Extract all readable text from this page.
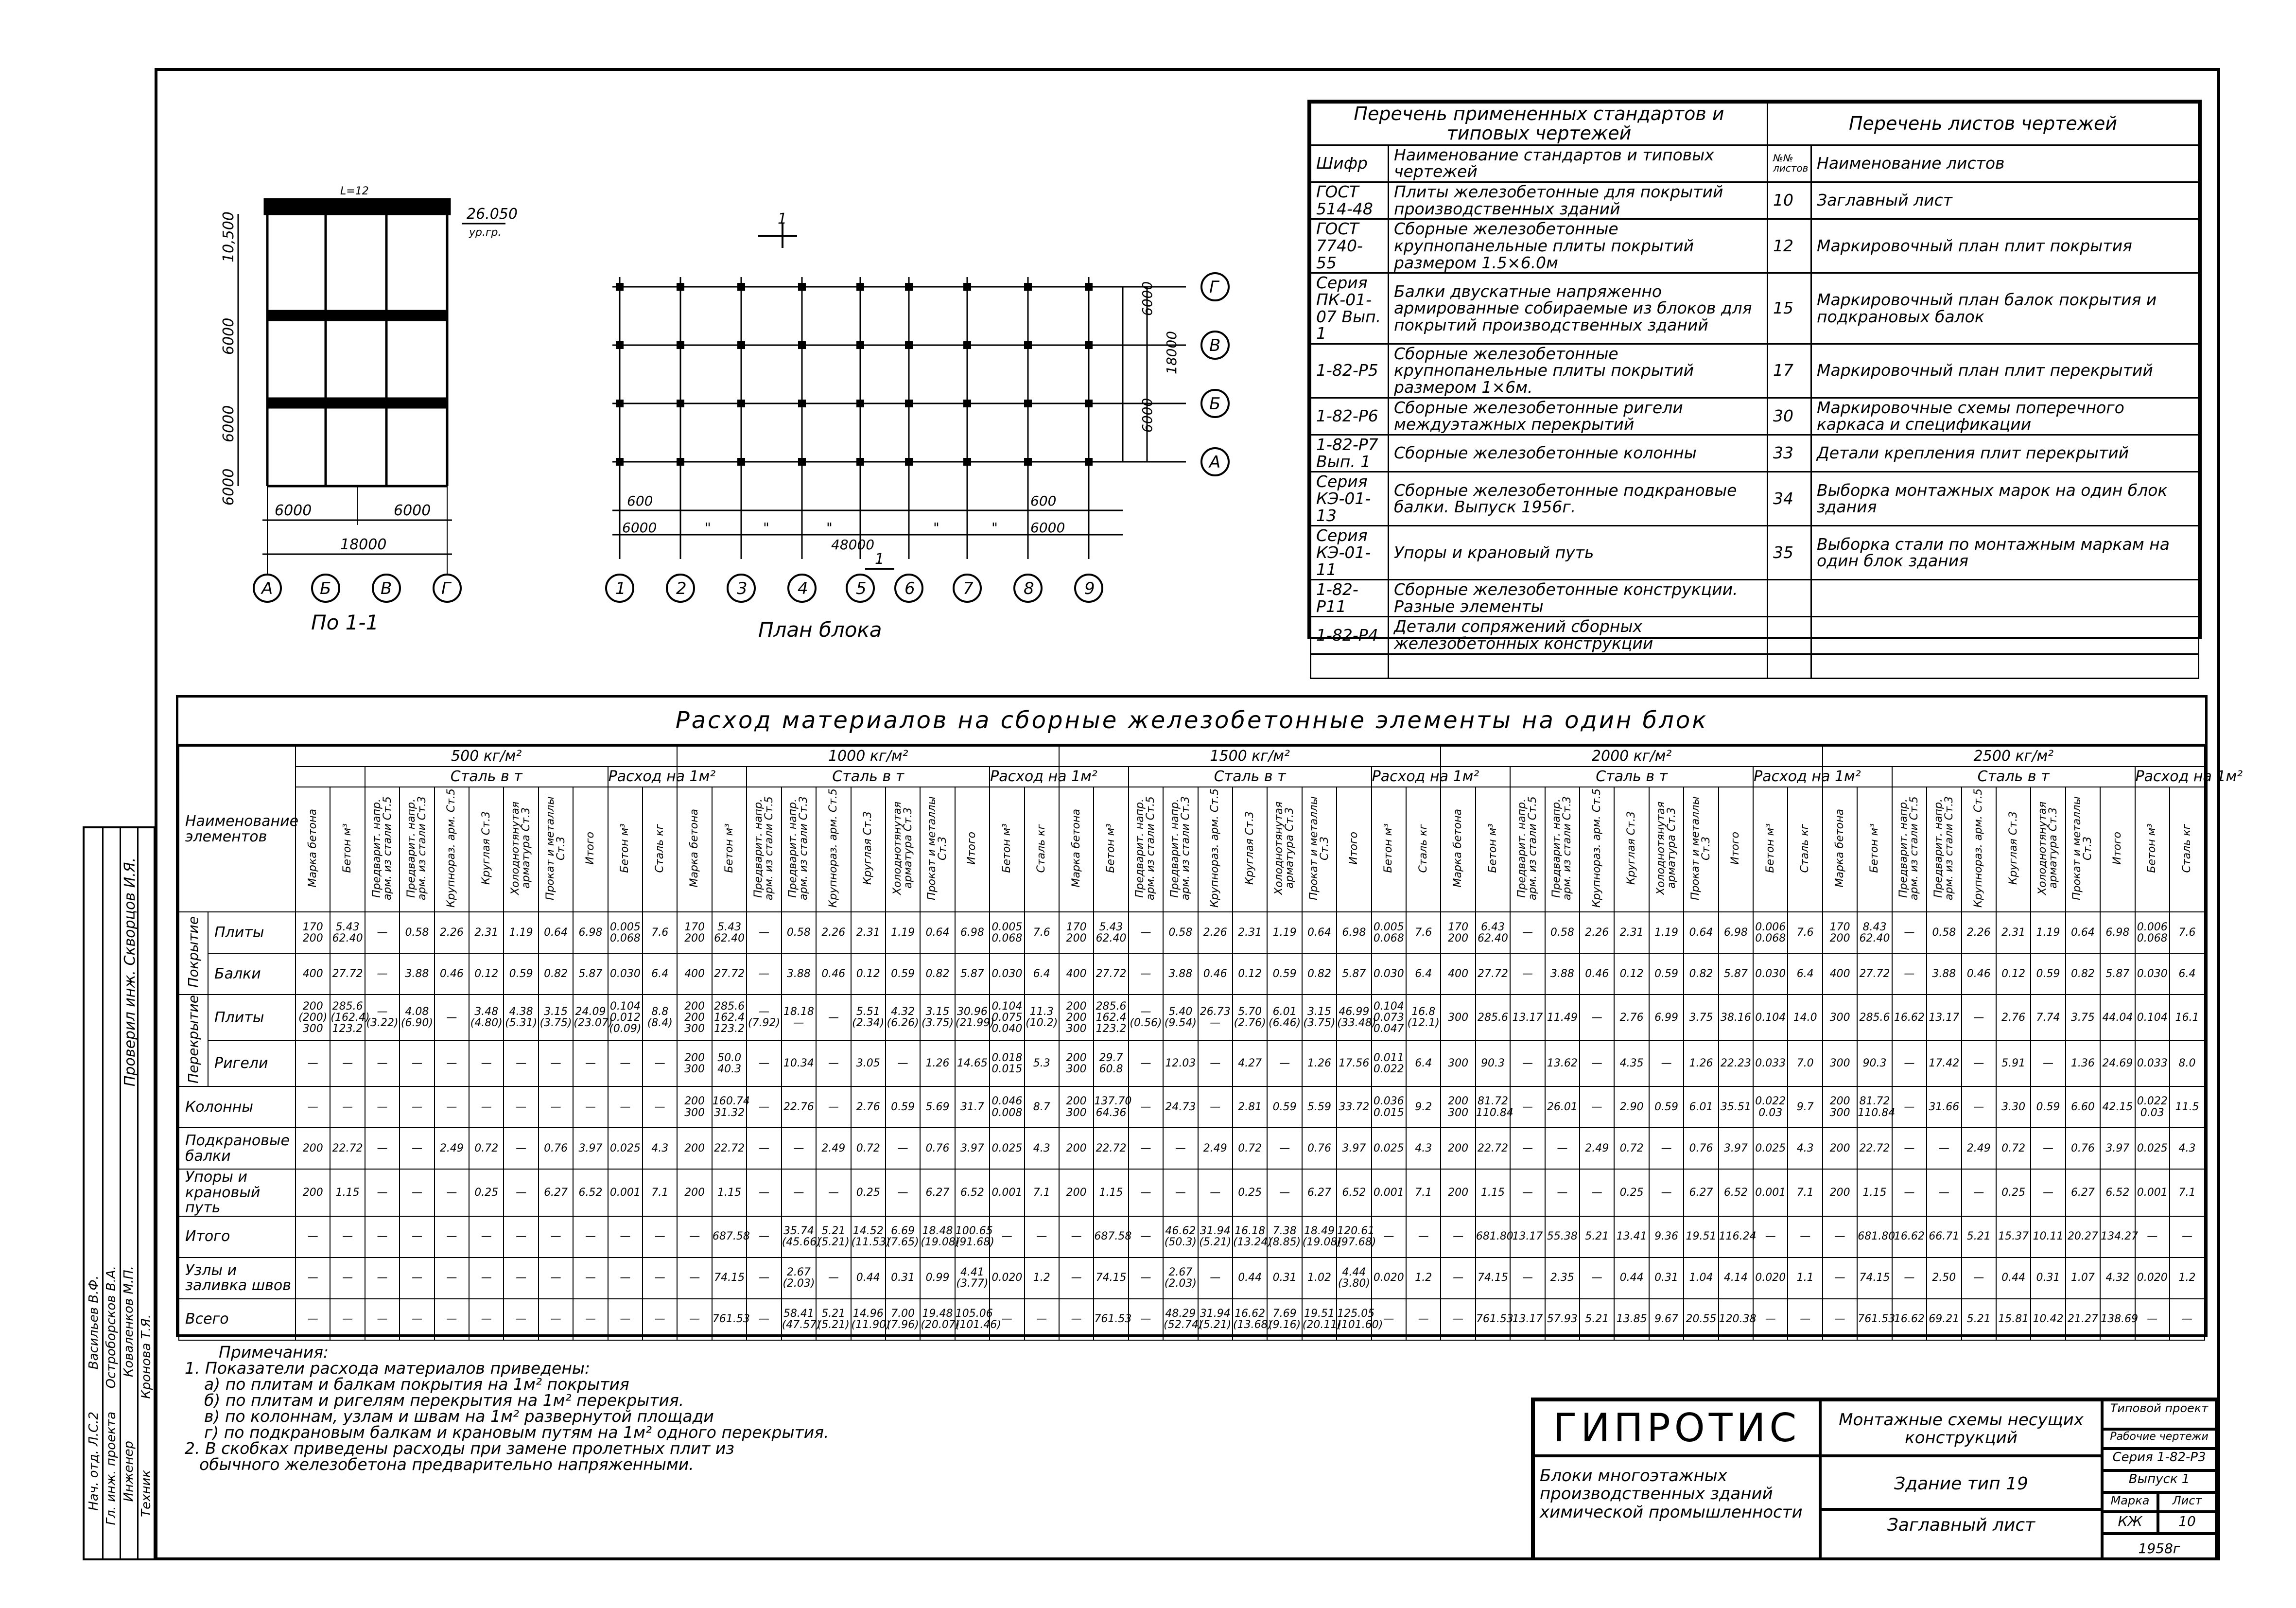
L=12
26.050
ур.гр.
10,500
6000
6000
6000
6000	6000
18000
А	Б	В	Г
По 1-1
1
1
6000
6000
18000
600
6000	"	"	"	"	"
600
6000
48000
Г
В
Б
А
1	2	3	4	5 6	7	8	9
План блока
Перечень примененных стандартов и типовых чертежей		Перечень листов чертежей	
Шифр	Наименование стандартов и типовых чертежей	№№ листов	Наименование листов
ГОСТ 514-48	Плиты железобетонные для покрытий производственных зданий	10	Заглавный лист
ГОСТ 7740-55	Сборные железобетонные крупнопанельные плиты покрытий размером 1.5×6.0м	12	Маркировочный план плит покрытия
Серия ПК-01-07 Вып. 1	Балки двускатные напряженно армированные собираемые из блоков для покрытий производственных зданий	15	Маркировочный план балок покрытия и подкрановых балок
1-82-Р5	Сборные железобетонные крупнопанельные плиты покрытий размером 1×6м.	17	Маркировочный план плит перекрытий
1-82-Р6	Сборные железобетонные ригели междуэтажных перекрытий	30	Маркировочные схемы поперечного каркаса и спецификации
1-82-Р7 Вып. 1	Сборные железобетонные колонны	33	Детали крепления плит перекрытий
Серия КЭ-01-13	Сборные железобетонные подкрановые балки. Выпуск 1956г.	34	Выборка монтажных марок на один блок здания
Серия КЭ-01-11	Упоры и крановый путь	35	Выборка стали по монтажным маркам на один блок здания
1-82-Р11	Сборные железобетонные конструкции. Разные элементы		
1-82-Р4	Детали сопряжений сборных железобетонных конструкций		

Расход материалов на сборные железобетонные элементы на один блок
Наименование элементов		500 кг/м²											1000 кг/м²											1500 кг/м²											2000 кг/м²											2500 кг/м²										
				Сталь в т							Расход на 1м²				Сталь в т							Расход на 1м²				Сталь в т							Расход на 1м²				Сталь в т							Расход на 1м²				Сталь в т							Расход на 1м²	
		Марка бетона	Бетон м³	Предварит. напр. арм. из стали Ст.5	Предварит. напр. арм. из стали Ст.3	Крупнораз. арм. Ст.5	Круглая Ст.3	Холоднотянутая арматура Ст.3	Прокат и металлы Ст.3	Итого	Бетон м³	Сталь кг	Марка бетона	Бетон м³	Предварит. напр. арм. из стали Ст.5	Предварит. напр. арм. из стали Ст.3	Крупнораз. арм. Ст.5	Круглая Ст.3	Холоднотянутая арматура Ст.3	Прокат и металлы Ст.3	Итого	Бетон м³	Сталь кг	Марка бетона	Бетон м³	Предварит. напр. арм. из стали Ст.5	Предварит. напр. арм. из стали Ст.3	Крупнораз. арм. Ст.5	Круглая Ст.3	Холоднотянутая арматура Ст.3	Прокат и металлы Ст.3	Итого	Бетон м³	Сталь кг	Марка бетона	Бетон м³	Предварит. напр. арм. из стали Ст.5	Предварит. напр. арм. из стали Ст.3	Крупнораз. арм. Ст.5	Круглая Ст.3	Холоднотянутая арматура Ст.3	Прокат и металлы Ст.3	Итого	Бетон м³	Сталь кг	Марка бетона	Бетон м³	Предварит. напр. арм. из стали Ст.5	Предварит. напр. арм. из стали Ст.3	Крупнораз. арм. Ст.5	Круглая Ст.3	Холоднотянутая арматура Ст.3	Прокат и металлы Ст.3	Итого	Бетон м³	Сталь кг
Покрытие	Плиты	170 200	5.43 62.40	—	0.58	2.26	2.31	1.19	0.64	6.98	0.005 0.068	7.6	170 200	5.43 62.40	—	0.58	2.26	2.31	1.19	0.64	6.98	0.005 0.068	7.6	170 200	5.43 62.40	—	0.58	2.26	2.31	1.19	0.64	6.98	0.005 0.068	7.6	170 200	6.43 62.40	—	0.58	2.26	2.31	1.19	0.64	6.98	0.006 0.068	7.6	170 200	8.43 62.40	—	0.58	2.26	2.31	1.19	0.64	6.98	0.006 0.068	7.6
	Балки	400	27.72	—	3.88	0.46	0.12	0.59	0.82	5.87	0.030	6.4	400	27.72	—	3.88	0.46	0.12	0.59	0.82	5.87	0.030	6.4	400	27.72	—	3.88	0.46	0.12	0.59	0.82	5.87	0.030	6.4	400	27.72	—	3.88	0.46	0.12	0.59	0.82	5.87	0.030	6.4	400	27.72	—	3.88	0.46	0.12	0.59	0.82	5.87	0.030	6.4
Перекрытие	Плиты	200 (200) 300	285.6 (162.4) 123.2	— (3.22)	4.08 (6.90)	—	3.48 (4.80)	4.38 (5.31)	3.15 (3.75)	24.09 (23.07)	0.104 0.012 (0.09)	8.8 (8.4)	200 200 300	285.6 162.4 123.2	— (7.92)	18.18 —	—	5.51 (2.34)	4.32 (6.26)	3.15 (3.75)	30.96 (21.99)	0.104 0.075 0.040	11.3 (10.2)	200 200 300	285.6 162.4 123.2	— (0.56)	5.40 (9.54)	26.73 —	5.70 (2.76)	6.01 (6.46)	3.15 (3.75)	46.99 (33.48)	0.104 0.073 0.047	16.8 (12.1)	300	285.6	13.17	11.49	—	2.76	6.99	3.75	38.16	0.104	14.0	300	285.6	16.62	13.17	—	2.76	7.74	3.75	44.04	0.104	16.1
	Ригели	—	—	—	—	—	—	—	—	—	—	—	200 300	50.0 40.3	—	10.34	—	3.05	—	1.26	14.65	0.018 0.015	5.3	200 300	29.7 60.8	—	12.03	—	4.27	—	1.26	17.56	0.011 0.022	6.4	300	90.3	—	13.62	—	4.35	—	1.26	22.23	0.033	7.0	300	90.3	—	17.42	—	5.91	—	1.36	24.69	0.033	8.0
Колонны		—	—	—	—	—	—	—	—	—	—	—	200 300	160.74 31.32	—	22.76	—	2.76	0.59	5.69	31.7	0.046 0.008	8.7	200 300	137.70 64.36	—	24.73	—	2.81	0.59	5.59	33.72	0.036 0.015	9.2	200 300	81.72 110.84	—	26.01	—	2.90	0.59	6.01	35.51	0.022 0.03	9.7	200 300	81.72 110.84	—	31.66	—	3.30	0.59	6.60	42.15	0.022 0.03	11.5
Подкрановые балки		200	22.72	—	—	2.49	0.72	—	0.76	3.97	0.025	4.3	200	22.72	—	—	2.49	0.72	—	0.76	3.97	0.025	4.3	200	22.72	—	—	2.49	0.72	—	0.76	3.97	0.025	4.3	200	22.72	—	—	2.49	0.72	—	0.76	3.97	0.025	4.3	200	22.72	—	—	2.49	0.72	—	0.76	3.97	0.025	4.3
Упоры и крановый путь		200	1.15	—	—	—	0.25	—	6.27	6.52	0.001	7.1	200	1.15	—	—	—	0.25	—	6.27	6.52	0.001	7.1	200	1.15	—	—	—	0.25	—	6.27	6.52	0.001	7.1	200	1.15	—	—	—	0.25	—	6.27	6.52	0.001	7.1	200	1.15	—	—	—	0.25	—	6.27	6.52	0.001	7.1
Итого		—	—	—	—	—	—	—	—	—	—	—	—	687.58	—	35.74 (45.66)	5.21 (5.21)	14.52 (11.53)	6.69 (7.65)	18.48 (19.08)	100.65 (91.68)	—	—	—	687.58	—	46.62 (50.3)	31.94 (5.21)	16.18 (13.24)	7.38 (8.85)	18.49 (19.08)	120.61 (97.68)	—	—	—	681.80	13.17	55.38	5.21	13.41	9.36	19.51	116.24	—	—	—	681.80	16.62	66.71	5.21	15.37	10.11	20.27	134.27	—	—
Узлы и заливка швов		—	—	—	—	—	—	—	—	—	—	—	—	74.15	—	2.67 (2.03)	—	0.44	0.31	0.99	4.41 (3.77)	0.020	1.2	—	74.15	—	2.67 (2.03)	—	0.44	0.31	1.02	4.44 (3.80)	0.020	1.2	—	74.15	—	2.35	—	0.44	0.31	1.04	4.14	0.020	1.1	—	74.15	—	2.50	—	0.44	0.31	1.07	4.32	0.020	1.2
Всего		—	—	—	—	—	—	—	—	—	—	—	—	761.53	—	58.41 (47.57)	5.21 (5.21)	14.96 (11.90)	7.00 (7.96)	19.48 (20.07)	105.06 (101.46)	—	—	—	761.53	—	48.29 (52.74)	31.94 (5.21)	16.62 (13.68)	7.69 (9.16)	19.51 (20.11)	125.05 (101.60)	—	—	—	761.53	13.17	57.93	5.21	13.85	9.67	20.55	120.38	—	—	—	761.53	16.62	69.21	5.21	15.81	10.42	21.27	138.69	—	—
Примечания:
1. Показатели расхода материалов приведены:
а) по плитам и балкам покрытия на 1м² покрытия
б) по плитам и ригелям перекрытия на 1м² перекрытия.
в) по колоннам, узлам и швам на 1м² развернутой площади
г) по подкрановым балкам и крановым путям на 1м² одного перекрытия.
2. В скобках приведены расходы при замене пролетных плит из
обычного железобетона предварительно напряженными.
Нач. отд. Л.С.2 Гл. инж. проекта Инженер Техник
Васильев В.Ф. Остроборсков В.А. Коваленков М.П. Кронова Т.Я.
Проверил инж. Скворцов И.Я.
ГИПРОТИС
Блоки многоэтажных производственных зданий химической промышленности
Монтажные схемы несущих конструкций
Здание тип 19
Заглавный лист
Типовой проект
Рабочие чертежи
Серия 1-82-Р3
Выпуск 1
Марка	Лист
КЖ	10
1958г
